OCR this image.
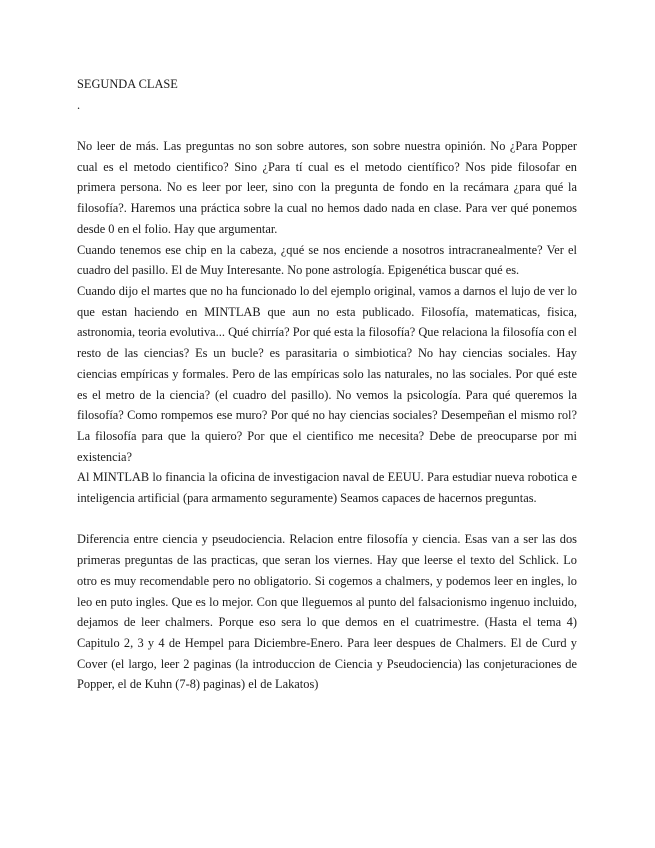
SEGUNDA CLASE

.

No leer de más. Las preguntas no son sobre autores, son sobre nuestra opinión. No ¿Para Popper cual es el metodo cientifico? Sino ¿Para tí cual es el metodo científico? Nos pide filosofar en primera persona. No es leer por leer, sino con la pregunta de fondo en la recámara ¿para qué la filosofía?. Haremos una práctica sobre la cual no hemos dado nada en clase. Para ver qué ponemos desde 0 en el folio. Hay que argumentar.

Cuando tenemos ese chip en la cabeza, ¿qué se nos enciende a nosotros intracranealmente? Ver el cuadro del pasillo. El de Muy Interesante. No pone astrología. Epigenética buscar qué es.

Cuando dijo el martes que no ha funcionado lo del ejemplo original, vamos a darnos el lujo de ver lo que estan haciendo en MINTLAB que aun no esta publicado. Filosofía, matematicas, fisica, astronomia, teoria evolutiva... Qué chirría? Por qué esta la filosofía? Que relaciona la filosofía con el resto de las ciencias? Es un bucle? es parasitaria o simbiotica? No hay ciencias sociales. Hay ciencias empíricas y formales. Pero de las empíricas solo las naturales, no las sociales. Por qué este es el metro de la ciencia? (el cuadro del pasillo). No vemos la psicología. Para qué queremos la filosofía? Como rompemos ese muro? Por qué no hay ciencias sociales? Desempeñan el mismo rol? La filosofía para que la quiero? Por que el cientifico me necesita? Debe de preocuparse por mi existencia?

Al MINTLAB lo financia la oficina de investigacion naval de EEUU. Para estudiar nueva robotica e inteligencia artificial (para armamento seguramente) Seamos capaces de hacernos preguntas.

Diferencia entre ciencia y pseudociencia. Relacion entre filosofía y ciencia. Esas van a ser las dos primeras preguntas de las practicas, que seran los viernes. Hay que leerse el texto del Schlick. Lo otro es muy recomendable pero no obligatorio. Si cogemos a chalmers, y podemos leer en ingles, lo leo en puto ingles. Que es lo mejor. Con que lleguemos al punto del falsacionismo ingenuo incluido, dejamos de leer chalmers. Porque eso sera lo que demos en el cuatrimestre. (Hasta el tema 4) Capitulo 2, 3 y 4 de Hempel para Diciembre-Enero. Para leer despues de Chalmers. El de Curd y Cover (el largo, leer 2 paginas (la introduccion de Ciencia y Pseudociencia) las conjeturaciones de Popper, el de Kuhn (7-8) paginas) el de Lakatos)
